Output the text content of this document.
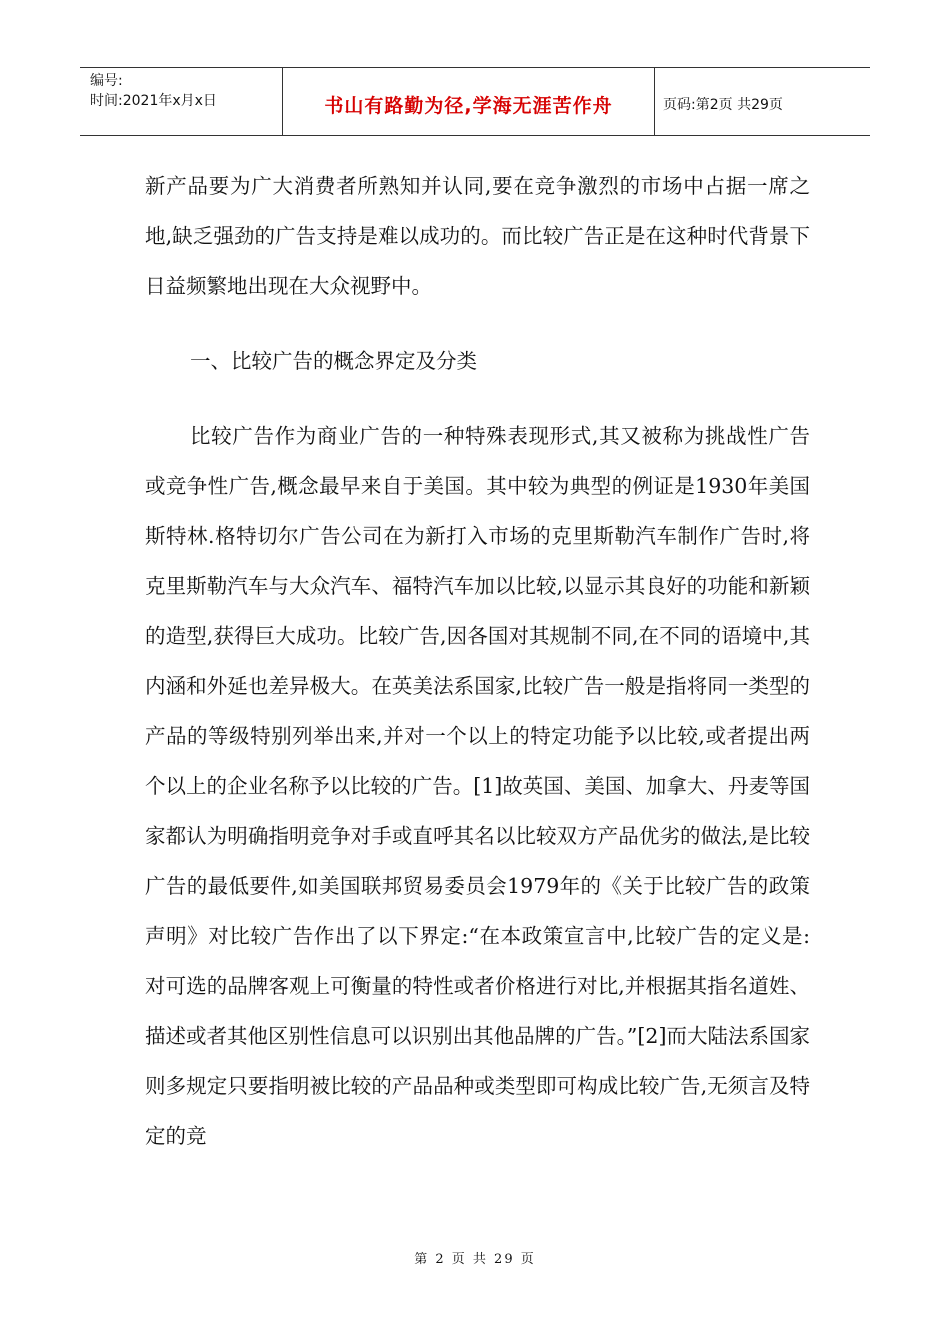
编号:
时间:2021年x月x日	书山有路勤为径,学海无涯苦作舟	页码:第2页 共29页

新产品要为广大消费者所熟知并认同,要在竞争激烈的市场中占据一席之地,缺乏强劲的广告支持是难以成功的。而比较广告正是在这种时代背景下日益频繁地出现在大众视野中。

一、比较广告的概念界定及分类

比较广告作为商业广告的一种特殊表现形式,其又被称为挑战性广告或竞争性广告,概念最早来自于美国。其中较为典型的例证是1930年美国斯特林.格特切尔广告公司在为新打入市场的克里斯勒汽车制作广告时,将克里斯勒汽车与大众汽车、福特汽车加以比较,以显示其良好的功能和新颖的造型,获得巨大成功。比较广告,因各国对其规制不同,在不同的语境中,其内涵和外延也差异极大。在英美法系国家,比较广告一般是指将同一类型的产品的等级特别列举出来,并对一个以上的特定功能予以比较,或者提出两个以上的企业名称予以比较的广告。[1]故英国、美国、加拿大、丹麦等国家都认为明确指明竞争对手或直呼其名以比较双方产品优劣的做法,是比较广告的最低要件,如美国联邦贸易委员会1979年的《关于比较广告的政策声明》对比较广告作出了以下界定:“在本政策宣言中,比较广告的定义是:对可选的品牌客观上可衡量的特性或者价格进行对比,并根据其指名道姓、描述或者其他区别性信息可以识别出其他品牌的广告。”[2]而大陆法系国家则多规定只要指明被比较的产品品种或类型即可构成比较广告,无须言及特定的竞

第 2 页 共 29 页
